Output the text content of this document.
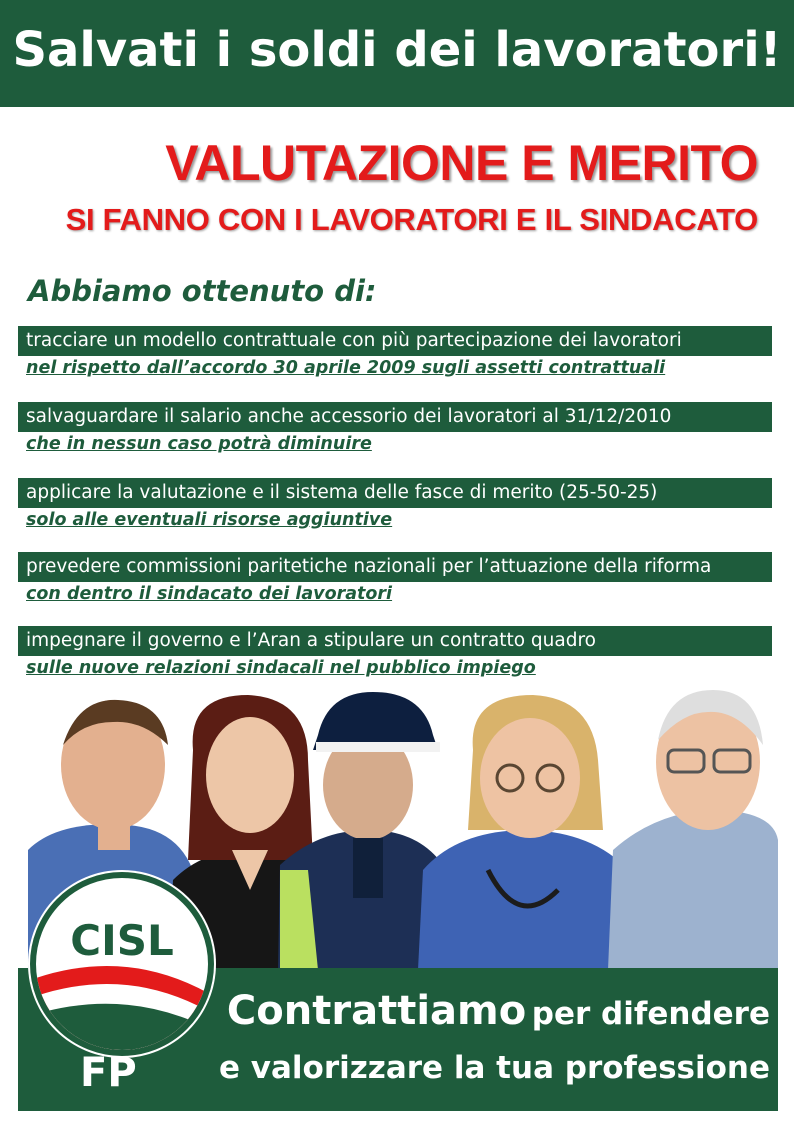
Salvati i soldi dei lavoratori!
VALUTAZIONE E MERITO
SI FANNO CON I LAVORATORI E IL SINDACATO
Abbiamo ottenuto di:
tracciare un modello contrattuale con più partecipazione dei lavoratori
nel rispetto dall’accordo 30 aprile 2009 sugli assetti contrattuali
salvaguardare il salario anche accessorio dei lavoratori al 31/12/2010
che in nessun caso potrà diminuire
applicare la valutazione e il sistema delle fasce di merito (25-50-25)
solo alle eventuali risorse aggiuntive
prevedere commissioni paritetiche nazionali per l’attuazione della riforma
con dentro il sindacato dei lavoratori
impegnare il governo e l’Aran a stipulare un contratto quadro
sulle nuove relazioni sindacali nel pubblico impiego
CISL
FP
Contrattiamo per difendere
e valorizzare la tua professione
